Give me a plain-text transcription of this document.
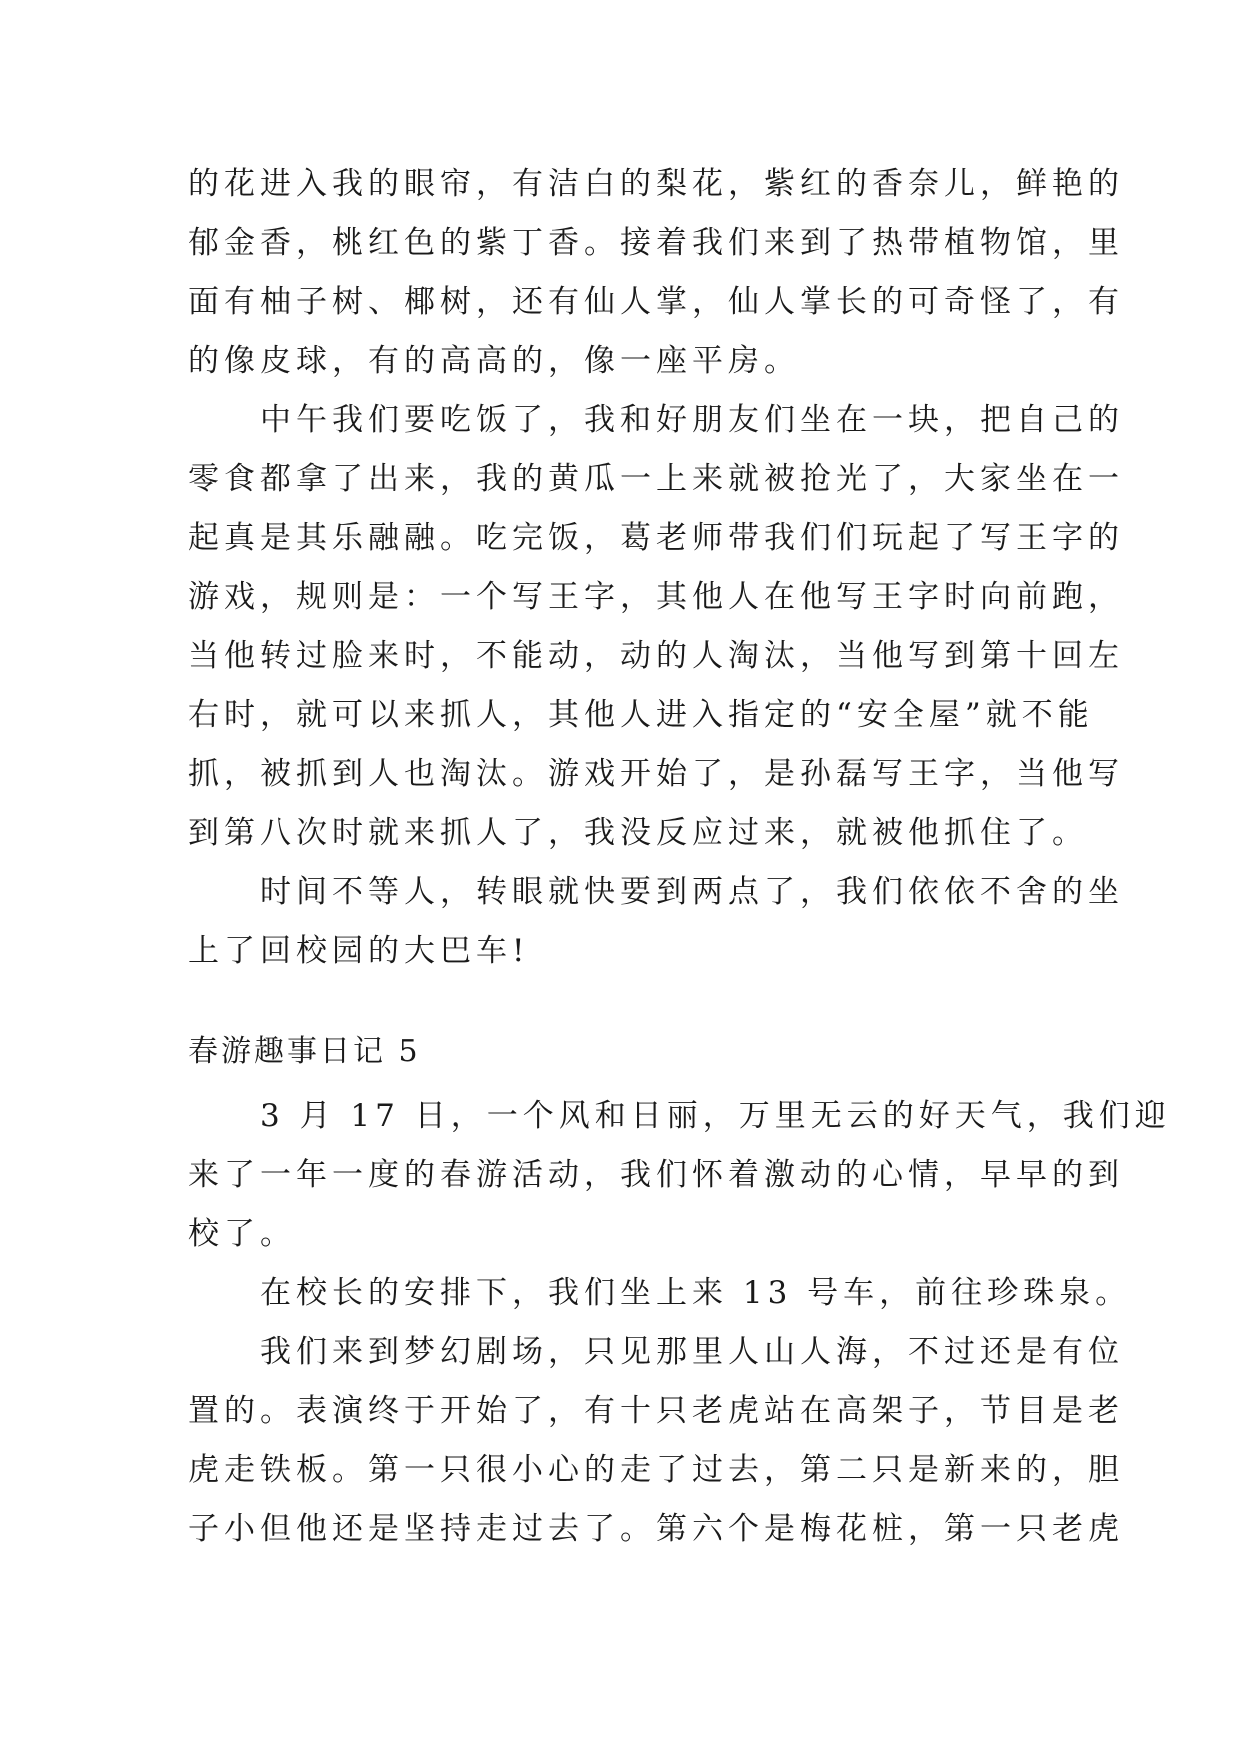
的花进入我的眼帘，有洁白的梨花，紫红的香奈儿，鲜艳的
郁金香，桃红色的紫丁香。接着我们来到了热带植物馆，里
面有柚子树、椰树，还有仙人掌，仙人掌长的可奇怪了，有
的像皮球，有的高高的，像一座平房。
　　中午我们要吃饭了，我和好朋友们坐在一块，把自己的
零食都拿了出来，我的黄瓜一上来就被抢光了，大家坐在一
起真是其乐融融。吃完饭，葛老师带我们们玩起了写王字的
游戏，规则是：一个写王字，其他人在他写王字时向前跑，
当他转过脸来时，不能动，动的人淘汰，当他写到第十回左
右时，就可以来抓人，其他人进入指定的“安全屋”就不能
抓，被抓到人也淘汰。游戏开始了，是孙磊写王字，当他写
到第八次时就来抓人了，我没反应过来，就被他抓住了。
　　时间不等人，转眼就快要到两点了，我们依依不舍的坐
上了回校园的大巴车!
春游趣事日记 5
　　3 月 17 日，一个风和日丽，万里无云的好天气，我们迎
来了一年一度的春游活动，我们怀着激动的心情，早早的到
校了。
　　在校长的安排下，我们坐上来 13 号车，前往珍珠泉。
　　我们来到梦幻剧场，只见那里人山人海，不过还是有位
置的。表演终于开始了，有十只老虎站在高架子，节目是老
虎走铁板。第一只很小心的走了过去，第二只是新来的，胆
子小但他还是坚持走过去了。第六个是梅花桩，第一只老虎
